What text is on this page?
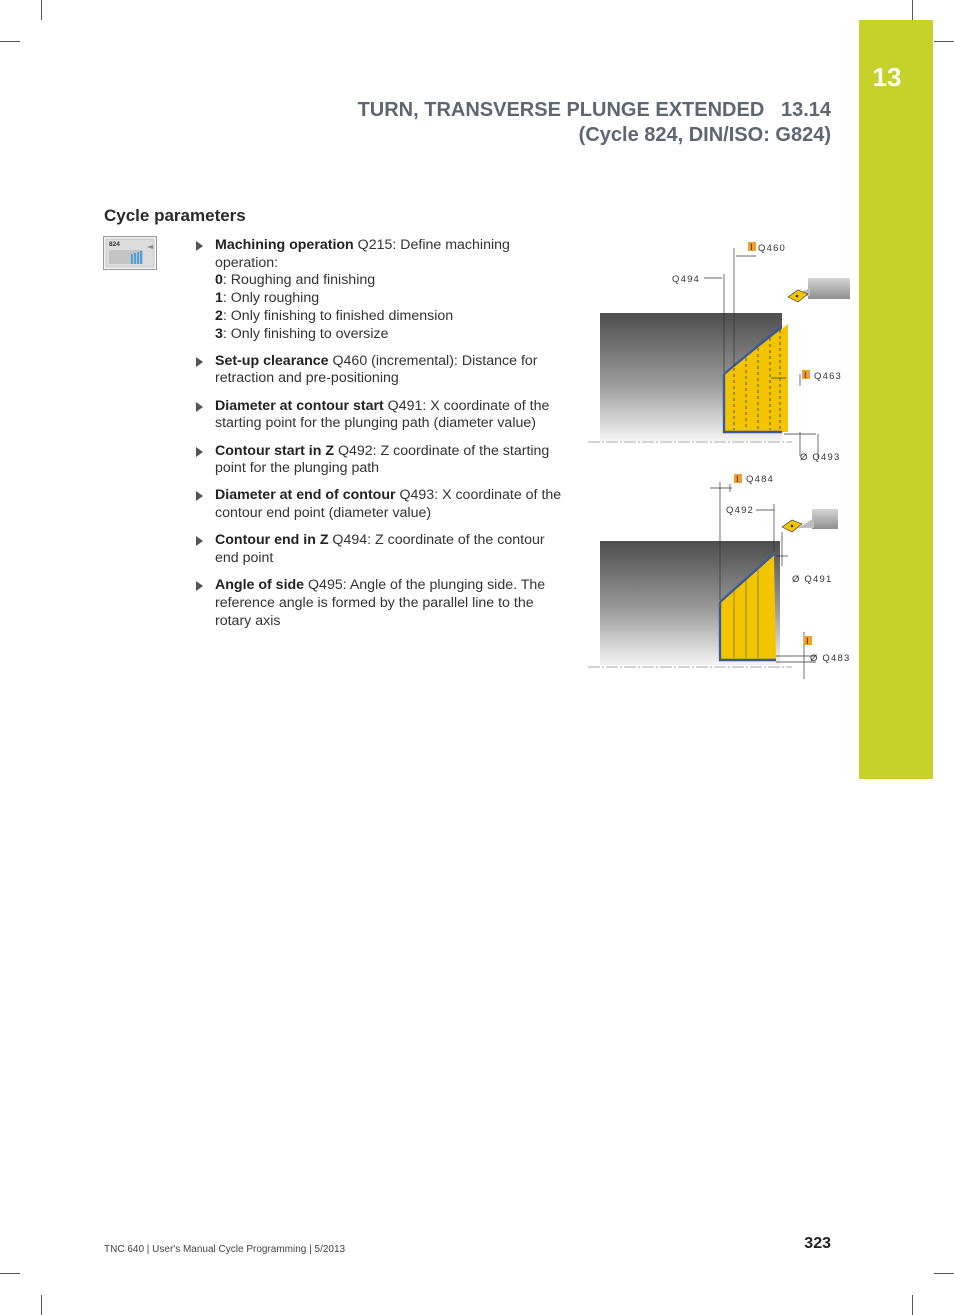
13
TURN, TRANSVERSE PLUNGE EXTENDED   13.14
(Cycle 824, DIN/ISO: G824)
Cycle parameters
824	Machining operation Q215: Define machining operation:
0: Roughing and finishing
1: Only roughing
2: Only finishing to finished dimension
3: Only finishing to oversize
Set-up clearance Q460 (incremental): Distance for retraction and pre-positioning
Diameter at contour start Q491: X coordinate of the starting point for the plunging path (diameter value)
Contour start in Z Q492: Z coordinate of the starting point for the plunging path
Diameter at end of contour Q493: X coordinate of the contour end point (diameter value)
Contour end in Z Q494: Z coordinate of the contour end point
Angle of side Q495: Angle of the plunging side. The reference angle is formed by the parallel line to the rotary axis
I Q460
Q494
I Q463
Ø Q493
I Q484
Q492
Ø Q491
I
Ø Q483
TNC 640 | User's Manual Cycle Programming | 5/2013	323
